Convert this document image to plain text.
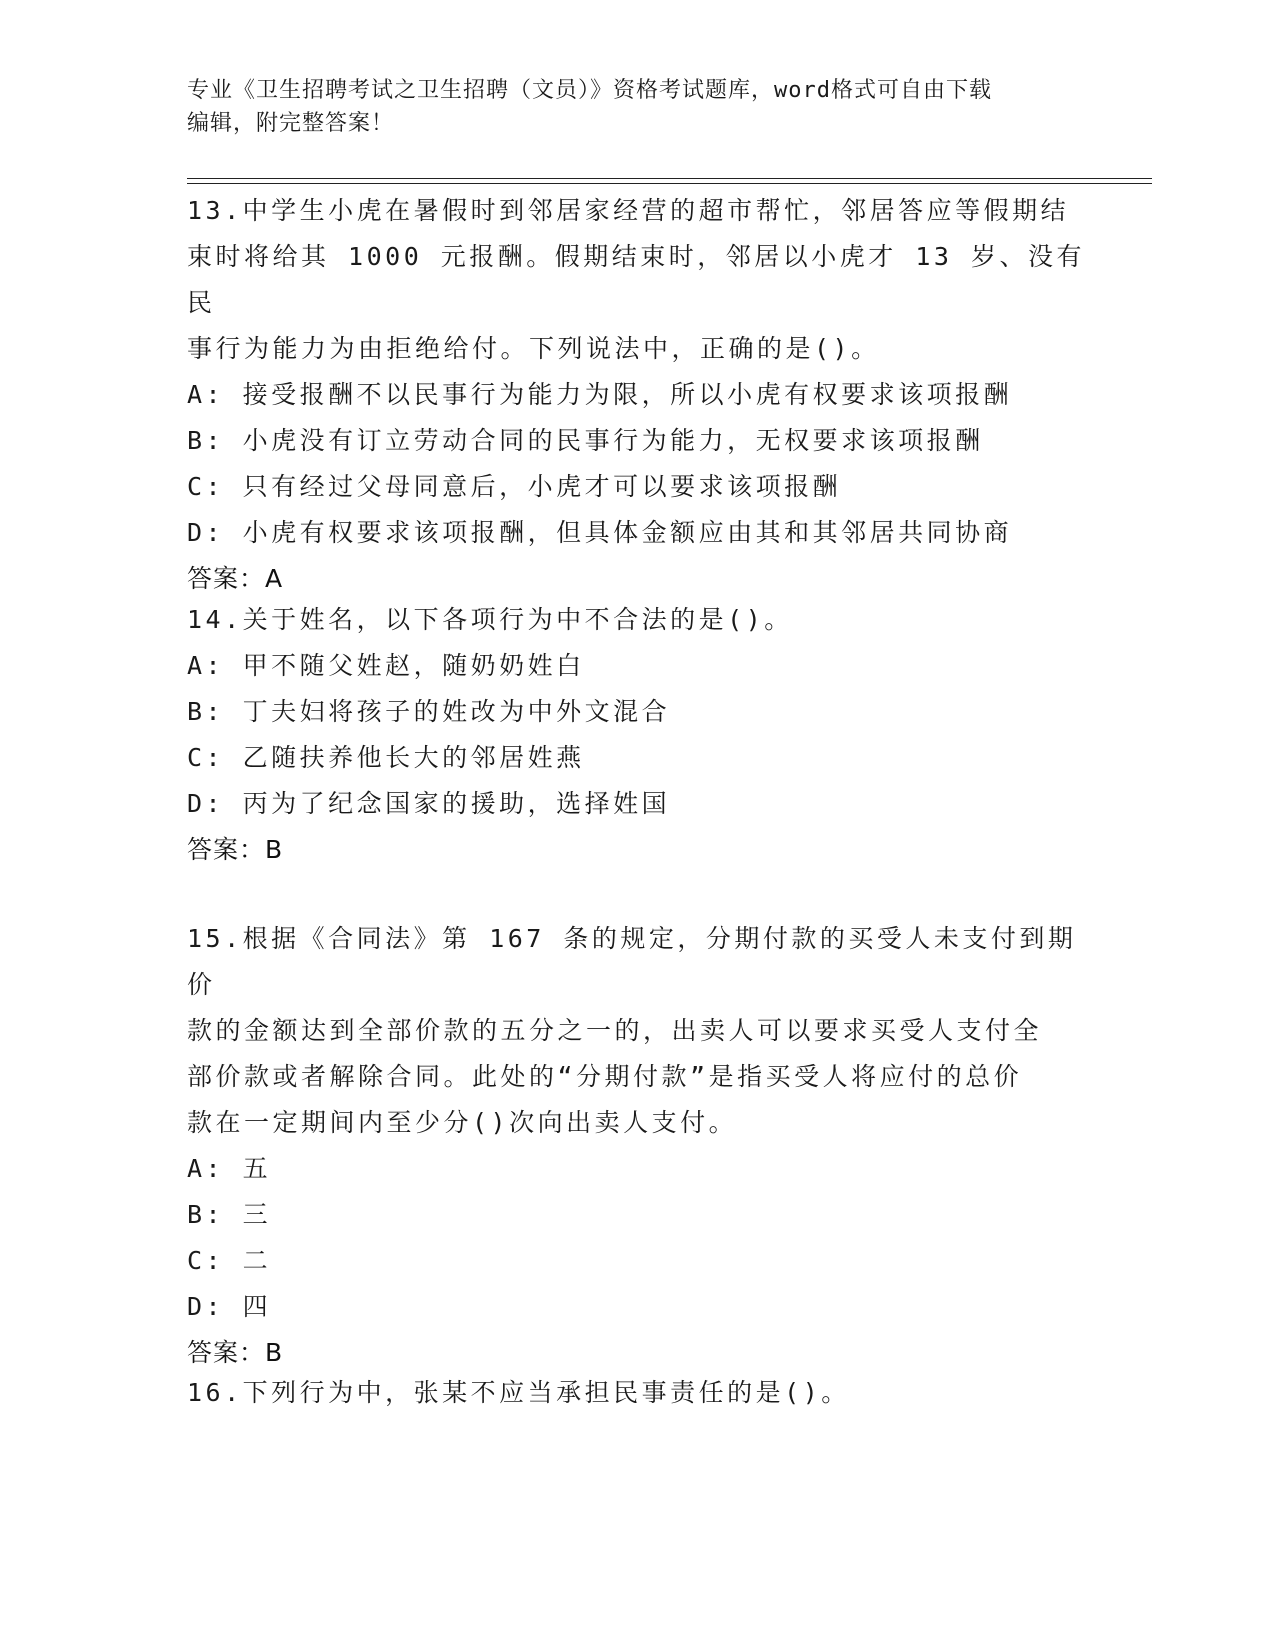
专业《卫生招聘考试之卫生招聘（文员）》资格考试题库，word格式可自由下载
编辑，附完整答案！
13.中学生小虎在暑假时到邻居家经营的超市帮忙，邻居答应等假期结
束时将给其 1000 元报酬。假期结束时，邻居以小虎才 13 岁、没有民
事行为能力为由拒绝给付。下列说法中，正确的是()。
A: 接受报酬不以民事行为能力为限，所以小虎有权要求该项报酬
B: 小虎没有订立劳动合同的民事行为能力，无权要求该项报酬
C: 只有经过父母同意后，小虎才可以要求该项报酬
D: 小虎有权要求该项报酬，但具体金额应由其和其邻居共同协商
答案：A
14.关于姓名，以下各项行为中不合法的是()。
A: 甲不随父姓赵，随奶奶姓白
B: 丁夫妇将孩子的姓改为中外文混合
C: 乙随扶养他长大的邻居姓燕
D: 丙为了纪念国家的援助，选择姓国
答案：B
15.根据《合同法》第 167 条的规定，分期付款的买受人未支付到期价
款的金额达到全部价款的五分之一的，出卖人可以要求买受人支付全
部价款或者解除合同。此处的“分期付款”是指买受人将应付的总价
款在一定期间内至少分()次向出卖人支付。
A: 五
B: 三
C: 二
D: 四
答案：B
16.下列行为中，张某不应当承担民事责任的是()。
